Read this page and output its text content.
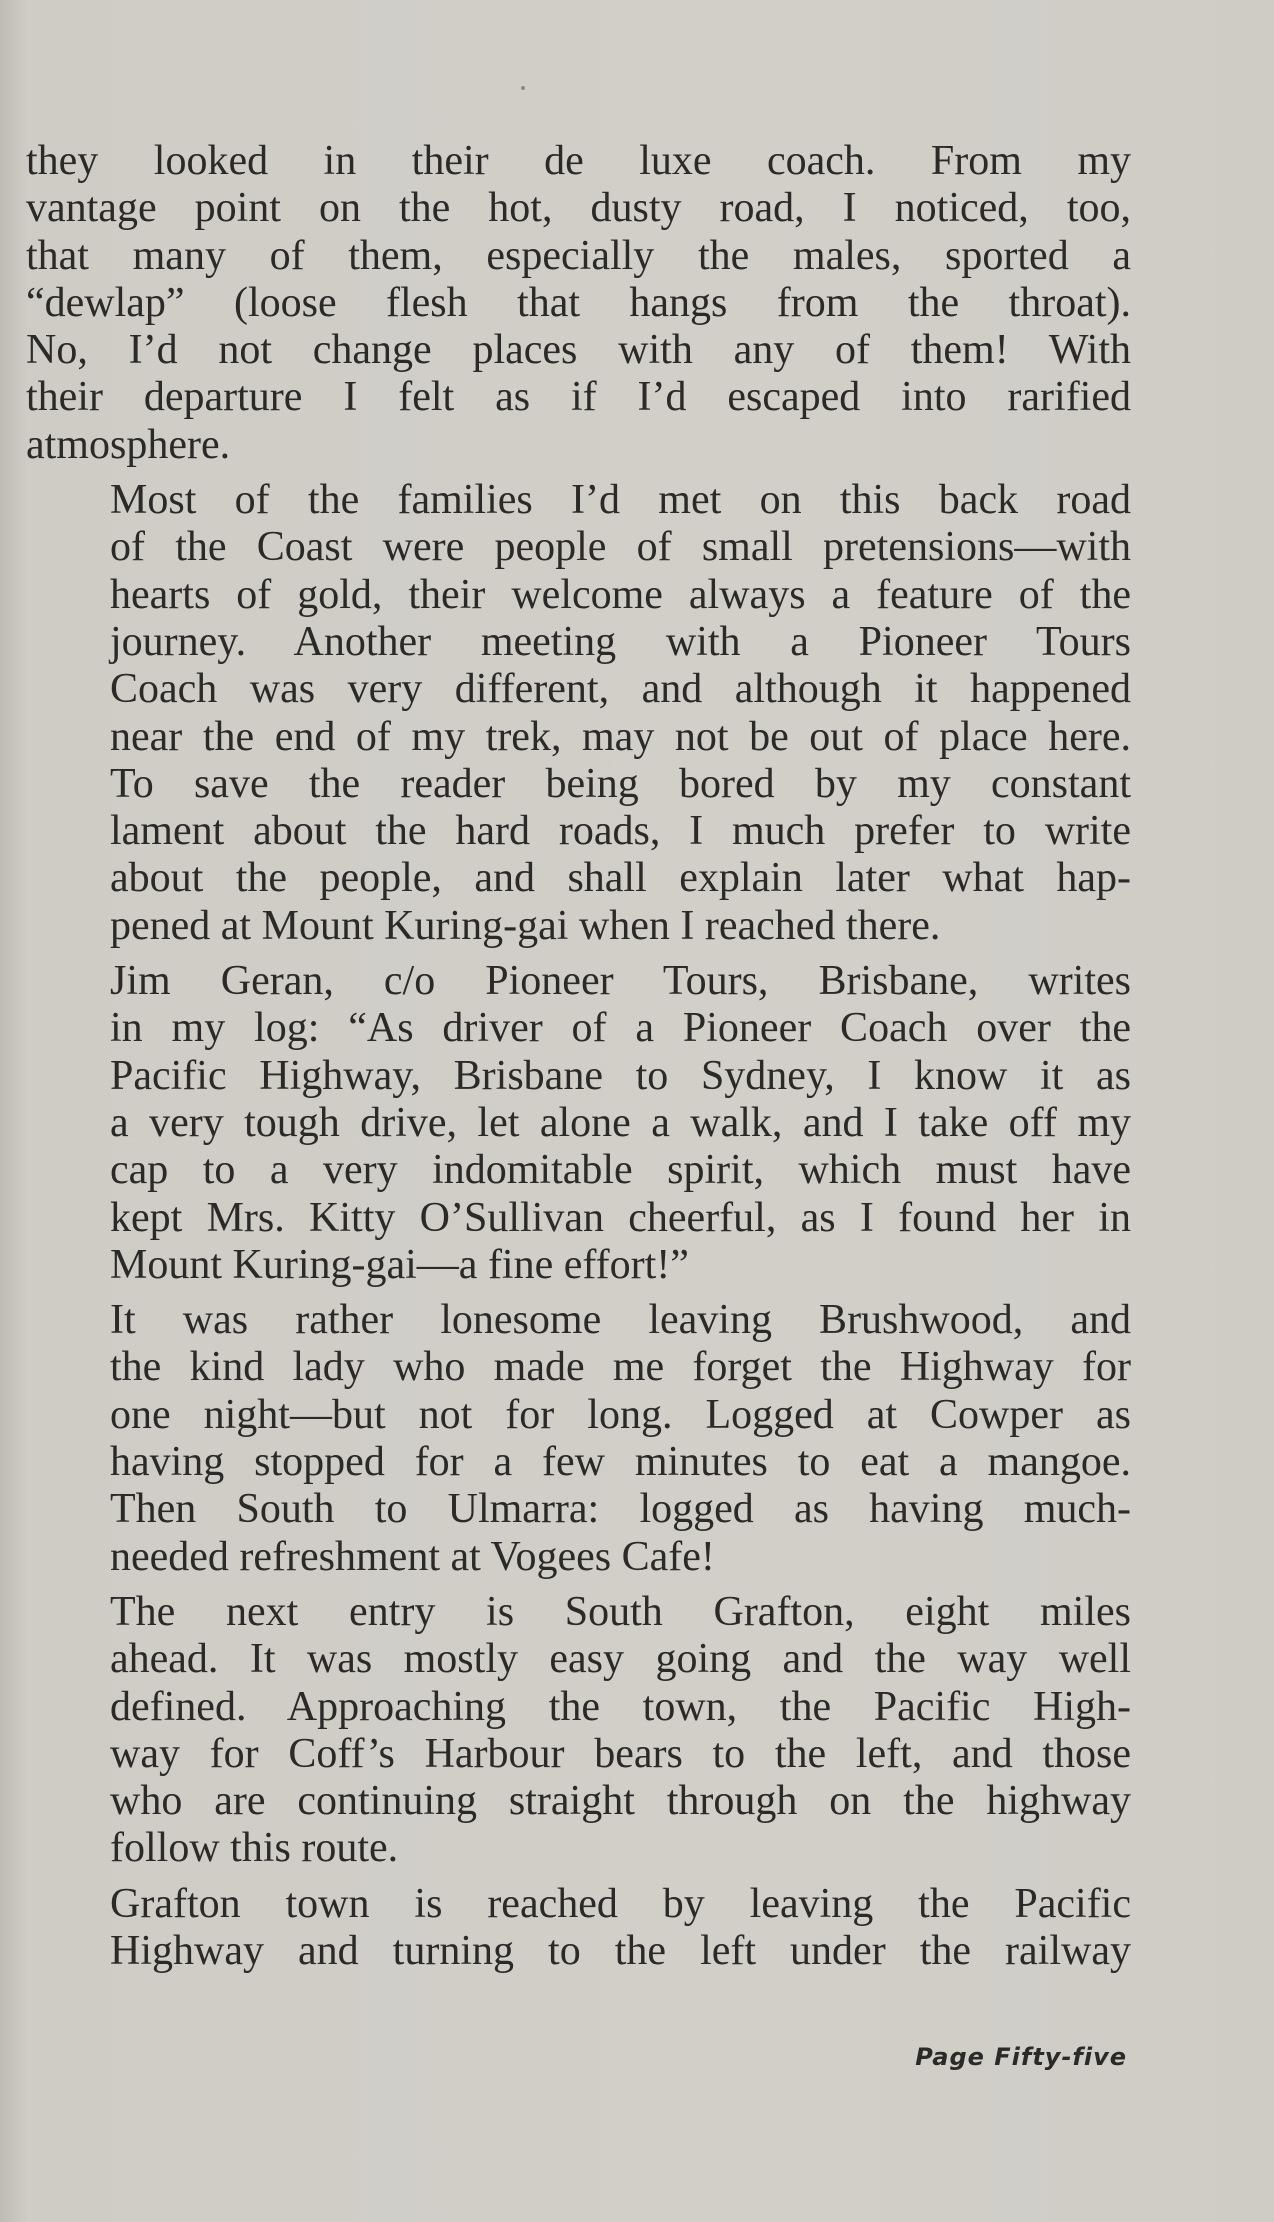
they looked in their de luxe coach. From my
vantage point on the hot, dusty road, I noticed, too,
that many of them, especially the males, sported a
“dewlap” (loose flesh that hangs from the throat).
No, I’d not change places with any of them! With
their departure I felt as if I’d escaped into rarified
atmosphere.

Most of the families I’d met on this back road
of the Coast were people of small pretensions—with
hearts of gold, their welcome always a feature of the
journey. Another meeting with a Pioneer Tours
Coach was very different, and although it happened
near the end of my trek, may not be out of place here.
To save the reader being bored by my constant
lament about the hard roads, I much prefer to write
about the people, and shall explain later what hap-
pened at Mount Kuring-gai when I reached there.

Jim Geran, c/o Pioneer Tours, Brisbane, writes
in my log: “As driver of a Pioneer Coach over the
Pacific Highway, Brisbane to Sydney, I know it as
a very tough drive, let alone a walk, and I take off my
cap to a very indomitable spirit, which must have
kept Mrs. Kitty O’Sullivan cheerful, as I found her in
Mount Kuring-gai—a fine effort!”

It was rather lonesome leaving Brushwood, and
the kind lady who made me forget the Highway for
one night—but not for long. Logged at Cowper as
having stopped for a few minutes to eat a mangoe.
Then South to Ulmarra: logged as having much-
needed refreshment at Vogees Cafe!

The next entry is South Grafton, eight miles
ahead. It was mostly easy going and the way well
defined. Approaching the town, the Pacific High-
way for Coff’s Harbour bears to the left, and those
who are continuing straight through on the highway
follow this route.

Grafton town is reached by leaving the Pacific
Highway and turning to the left under the railway

Page Fifty-five
